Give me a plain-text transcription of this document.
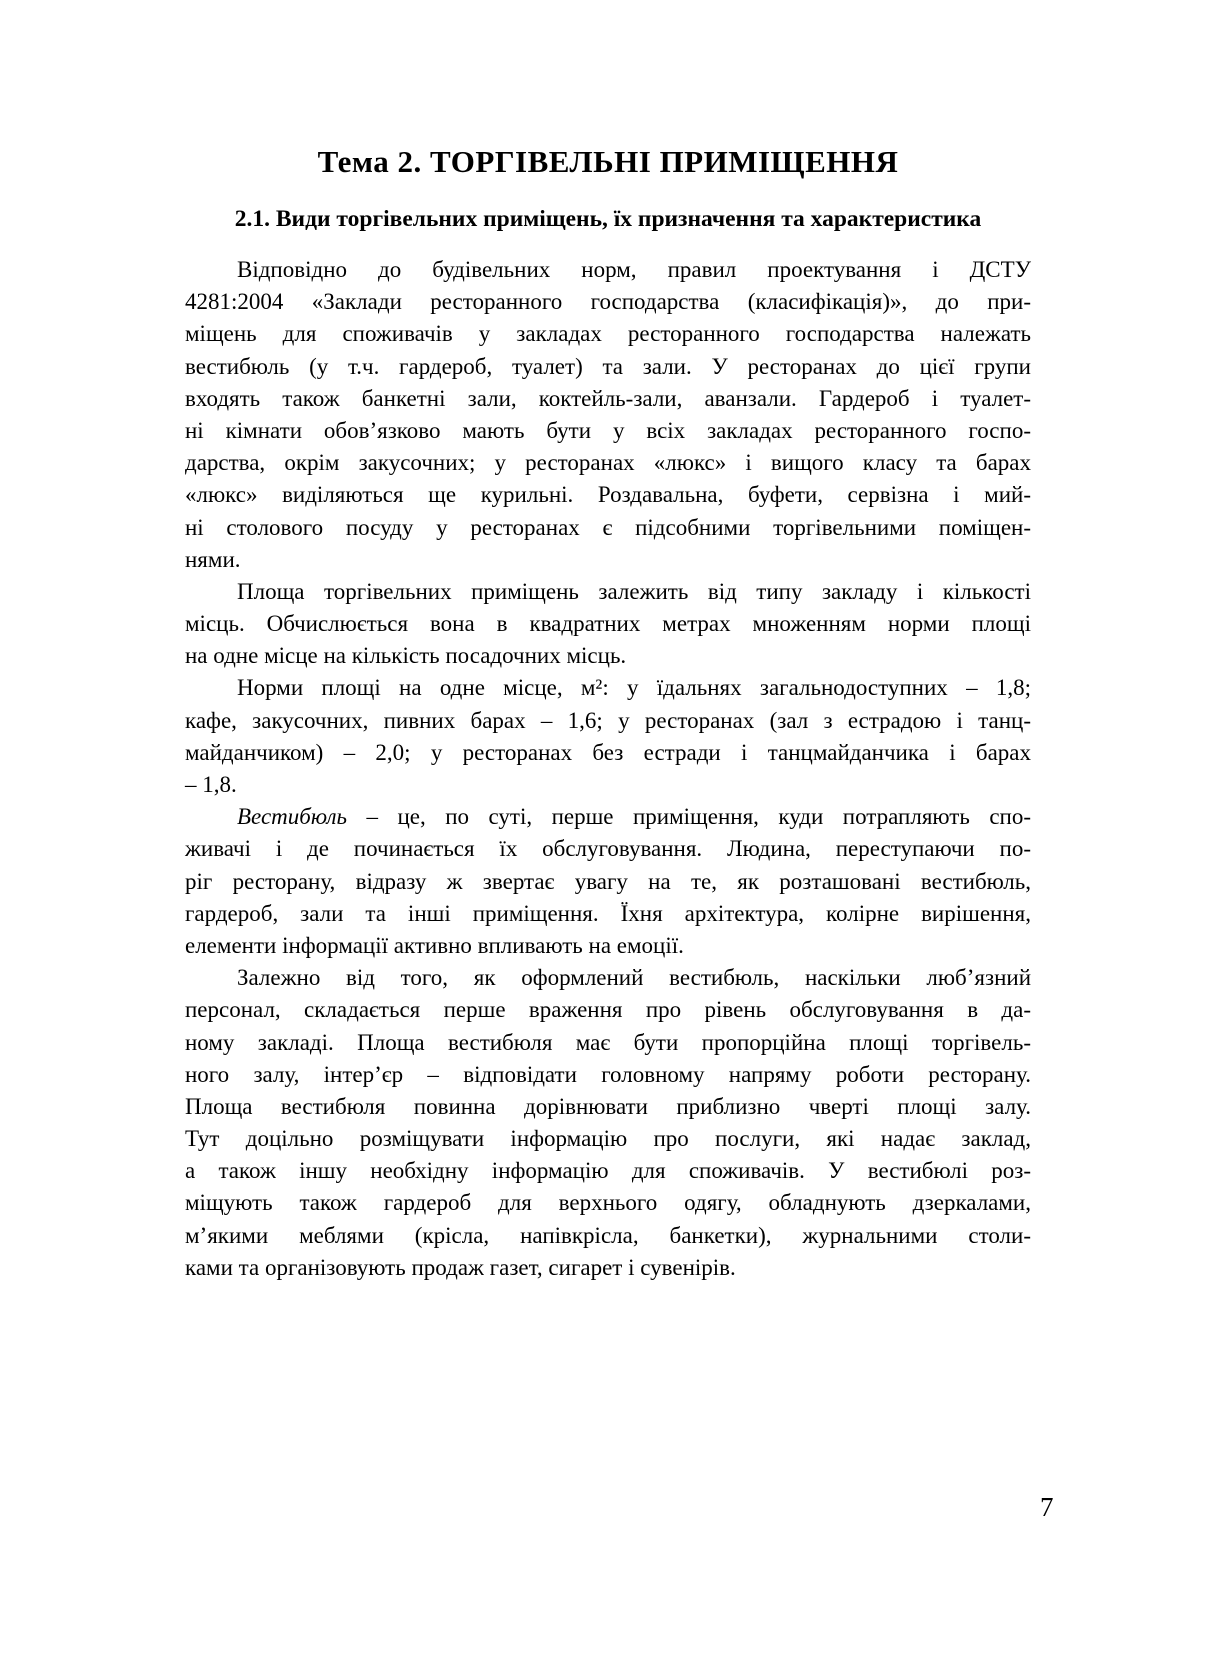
Тема 2. ТОРГІВЕЛЬНІ ПРИМІЩЕННЯ
2.1. Види торгівельних приміщень, їх призначення та характеристика
Відповідно до будівельних норм, правил проектування і ДСТУ
4281:2004 «Заклади ресторанного господарства (класифікація)», до при-
міщень для споживачів у закладах ресторанного господарства належать
вестибюль (у т.ч. гардероб, туалет) та зали. У ресторанах до цієї групи
входять також банкетні зали, коктейль-зали, аванзали. Гардероб і туалет-
ні кімнати обов’язково мають бути у всіх закладах ресторанного госпо-
дарства, окрім закусочних; у ресторанах «люкс» і вищого класу та барах
«люкс» виділяються ще курильні. Роздавальна, буфети, сервізна і мий-
ні столового посуду у ресторанах є підсобними торгівельними поміщен-
нями.
Площа торгівельних приміщень залежить від типу закладу і кількості
місць. Обчислюється вона в квадратних метрах множенням норми площі
на одне місце на кількість посадочних місць.
Норми площі на одне місце, м²: у їдальнях загальнодоступних – 1,8;
кафе, закусочних, пивних барах – 1,6; у ресторанах (зал з естрадою і танц-
майданчиком) – 2,0; у ресторанах без естради і танцмайданчика і барах
– 1,8.
Вестибюль – це, по суті, перше приміщення, куди потрапляють спо-
живачі і де починається їх обслуговування. Людина, переступаючи по-
ріг ресторану, відразу ж звертає увагу на те, як розташовані вестибюль,
гардероб, зали та інші приміщення. Їхня архітектура, колірне вирішення,
елементи інформації активно впливають на емоції.
Залежно від того, як оформлений вестибюль, наскільки люб’язний
персонал, складається перше враження про рівень обслуговування в да-
ному закладі. Площа вестибюля має бути пропорційна площі торгівель-
ного залу, інтер’єр – відповідати головному напряму роботи ресторану.
Площа вестибюля повинна дорівнювати приблизно чверті площі залу.
Тут доцільно розміщувати інформацію про послуги, які надає заклад,
а також іншу необхідну інформацію для споживачів. У вестибюлі роз-
міщують також гардероб для верхнього одягу, обладнують дзеркалами,
м’якими меблями (крісла, напівкрісла, банкетки), журнальними столи-
ками та організовують продаж газет, сигарет і сувенірів.
7
